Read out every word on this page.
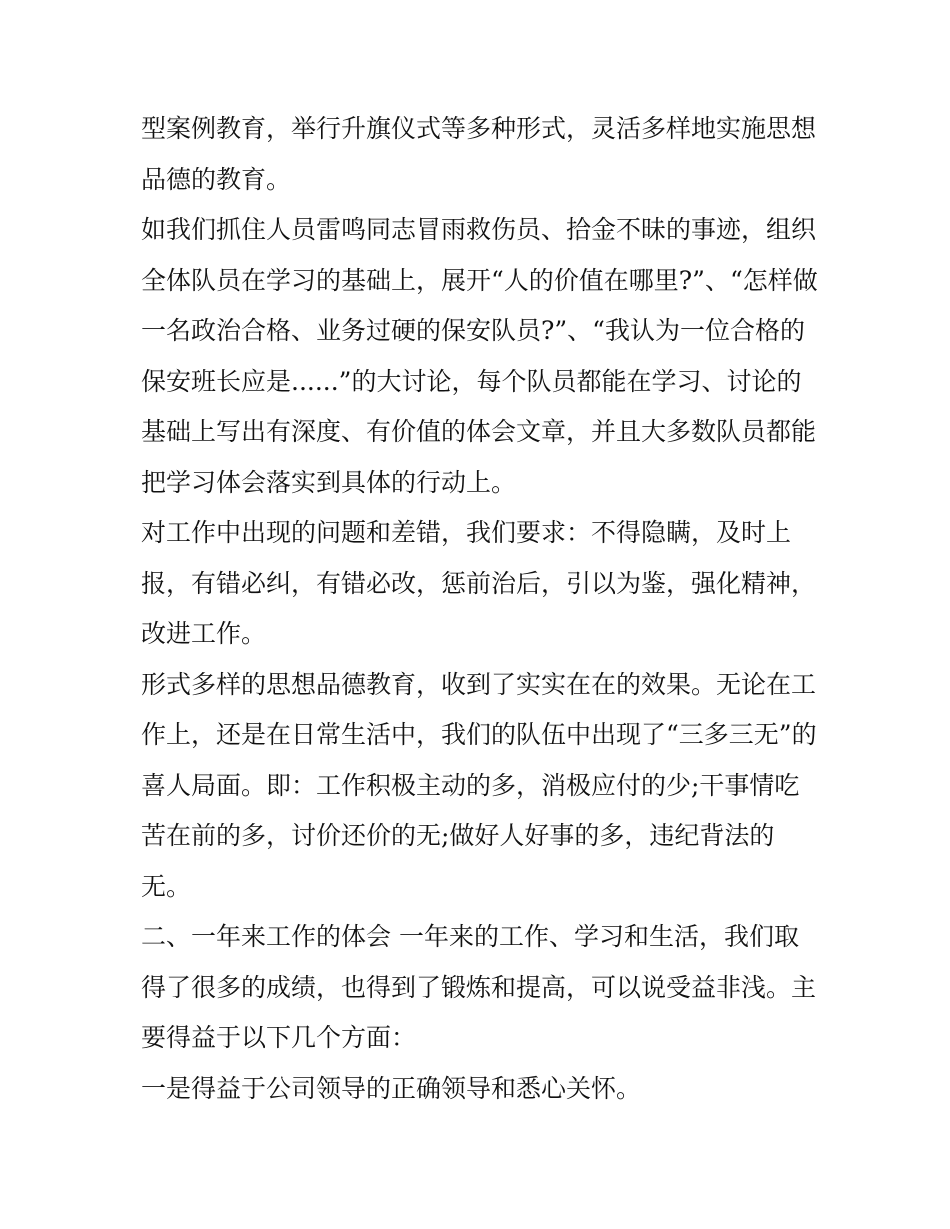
型案例教育，举行升旗仪式等多种形式，灵活多样地实施思想
品德的教育。
如我们抓住人员雷鸣同志冒雨救伤员、拾金不昧的事迹，组织
全体队员在学习的基础上，展开“人的价值在哪里?”、“怎样做
一名政治合格、业务过硬的保安队员?”、“我认为一位合格的
保安班长应是......”的大讨论，每个队员都能在学习、讨论的
基础上写出有深度、有价值的体会文章，并且大多数队员都能
把学习体会落实到具体的行动上。
对工作中出现的问题和差错，我们要求：不得隐瞒，及时上
报，有错必纠，有错必改，惩前治后，引以为鉴，强化精神，
改进工作。
形式多样的思想品德教育，收到了实实在在的效果。无论在工
作上，还是在日常生活中，我们的队伍中出现了“三多三无”的
喜人局面。即：工作积极主动的多，消极应付的少;干事情吃
苦在前的多，讨价还价的无;做好人好事的多，违纪背法的
无。
二、一年来工作的体会 一年来的工作、学习和生活，我们取
得了很多的成绩，也得到了锻炼和提高，可以说受益非浅。主
要得益于以下几个方面：
一是得益于公司领导的正确领导和悉心关怀。
